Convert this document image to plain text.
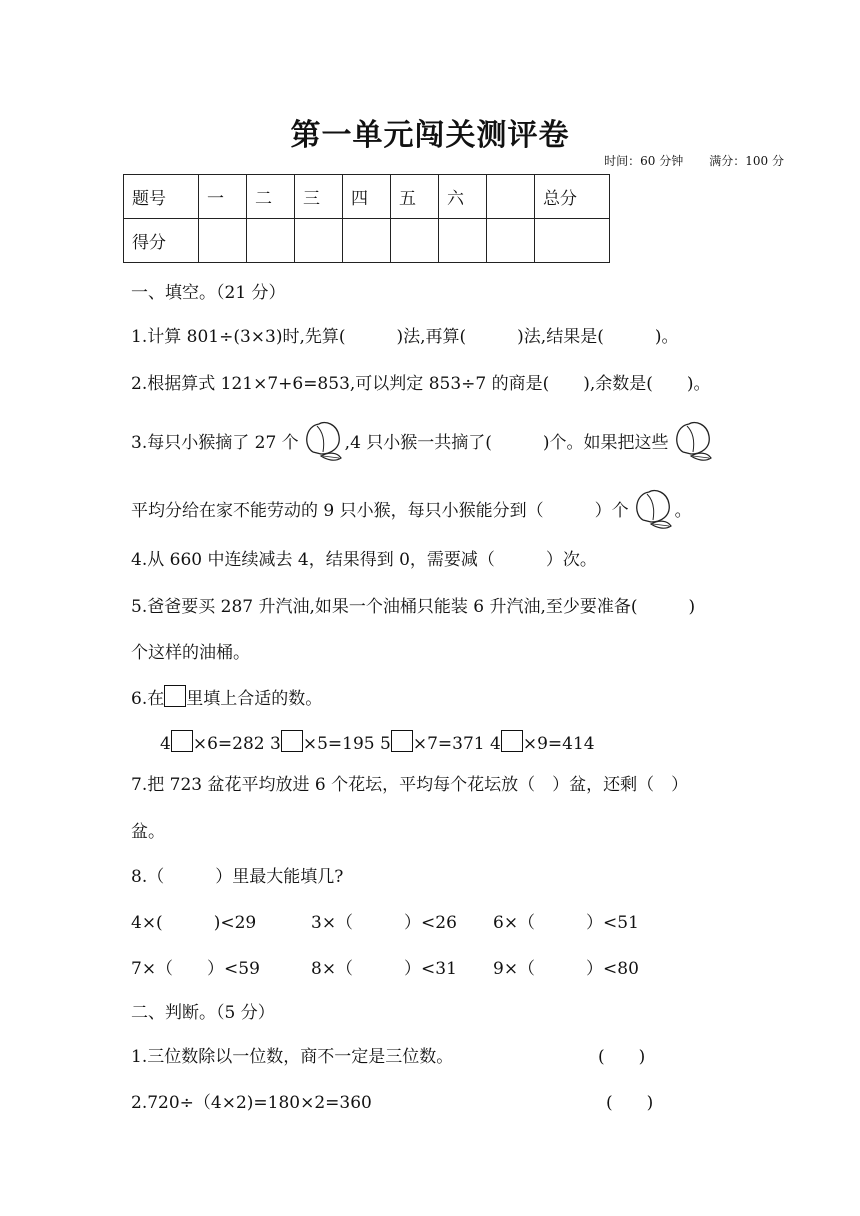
第一单元闯关测评卷
时间：60 分钟 满分：100 分
题号	一	二	三	四	五	六		总分
得分								
一、填空。（21 分）
1.计算 801÷(3×3)时,先算(　　　)法,再算(　　　)法,结果是(　　　)。
2.根据算式 121×7+6=853,可以判定 853÷7 的商是(　　),余数是(　　)。
3.每只小猴摘了 27 个	,4 只小猴一共摘了(　　　)个。如果把这些
平均分给在家不能劳动的 9 只小猴，每只小猴能分到（　　　）个	。
4.从 660 中连续减去 4，结果得到 0，需要减（　　　）次。
5.爸爸要买 287 升汽油,如果一个油桶只能装 6 升汽油,至少要准备(　　　)
个这样的油桶。
6.在 里填上合适的数。
4 ×6=282 3 ×5=195 5 ×7=371 4 ×9=414
7.把 723 盆花平均放进 6 个花坛，平均每个花坛放（　）盆，还剩（　）
盆。
8.（　　　）里最大能填几?
4×(　　　)<29	3×（　　　）<26 6×（　　　）<51
7×（　　）<59	8×（　　　）<31 9×（　　　）<80
二、判断。（5 分）
1.三位数除以一位数，商不一定是三位数。	(　　)
2.720÷（4×2)=180×2=360	(　　)
